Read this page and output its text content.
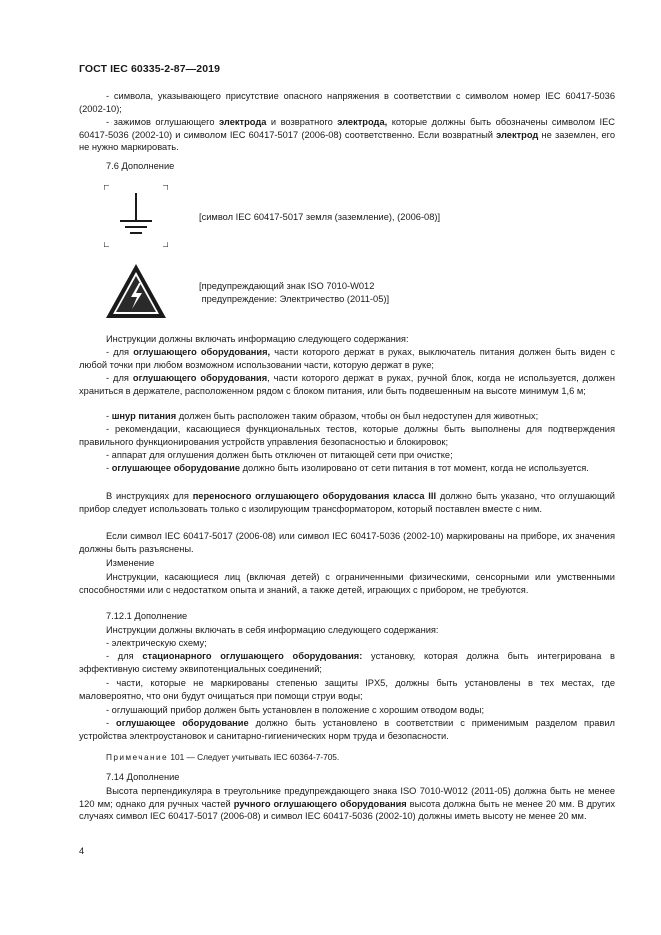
ГОСТ IEC 60335-2-87—2019
- символа, указывающего присутствие опасного напряжения в соответствии с символом номер IEC 60417-5036 (2002-10);
- зажимов оглушающего электрода и возвратного электрода, которые должны быть обозначены символом IEC 60417-5036 (2002-10) и символом IEC 60417-5017 (2006-08) соответственно. Если возвратный электрод не заземлен, его не нужно маркировать.
7.6 Дополнение
[символ IEC 60417-5017 земля (заземление), (2006-08)]
[предупреждающий знак ISO 7010-W012
предупреждение: Электричество (2011-05)]
Инструкции должны включать информацию следующего содержания:
- для оглушающего оборудования, части которого держат в руках, выключатель питания должен быть виден с любой точки при любом возможном использовании части, которую держат в руке;
- для оглушающего оборудования, части которого держат в руках, ручной блок, когда не используется, должен храниться в держателе, расположенном рядом с блоком питания, или быть подвешенным на высоте минимум 1,6 м;
- шнур питания должен быть расположен таким образом, чтобы он был недоступен для животных;
- рекомендации, касающиеся функциональных тестов, которые должны быть выполнены для подтверждения правильного функционирования устройств управления безопасностью и блокировок;
- аппарат для оглушения должен быть отключен от питающей сети при очистке;
- оглушающее оборудование должно быть изолировано от сети питания в тот момент, когда не используется.
В инструкциях для переносного оглушающего оборудования класса III должно быть указано, что оглушающий прибор следует использовать только с изолирующим трансформатором, который поставлен вместе с ним.
Если символ IEC 60417-5017 (2006-08) или символ IEC 60417-5036 (2002-10) маркированы на приборе, их значения должны быть разъяснены.
Изменение
Инструкции, касающиеся лиц (включая детей) с ограниченными физическими, сенсорными или умственными способностями или с недостатком опыта и знаний, а также детей, играющих с прибором, не требуются.
7.12.1 Дополнение
Инструкции должны включать в себя информацию следующего содержания:
- электрическую схему;
- для стационарного оглушающего оборудования: установку, которая должна быть интегрирована в эффективную систему эквипотенциальных соединений;
- части, которые не маркированы степенью защиты IPX5, должны быть установлены в тех местах, где маловероятно, что они будут очищаться при помощи струи воды;
- оглушающий прибор должен быть установлен в положение с хорошим отводом воды;
- оглушающее оборудование должно быть установлено в соответствии с применимым разделом правил устройства электроустановок и санитарно-гигиенических норм труда и безопасности.
Примечание 101 — Следует учитывать IEC 60364-7-705.
7.14 Дополнение
Высота перпендикуляра в треугольнике предупреждающего знака ISO 7010-W012 (2011-05) должна быть не менее 120 мм; однако для ручных частей ручного оглушающего оборудования высота должна быть не менее 20 мм. В других случаях символ IEC 60417-5017 (2006-08) и символ IEC 60417-5036 (2002-10) должны иметь высоту не менее 20 мм.
4
